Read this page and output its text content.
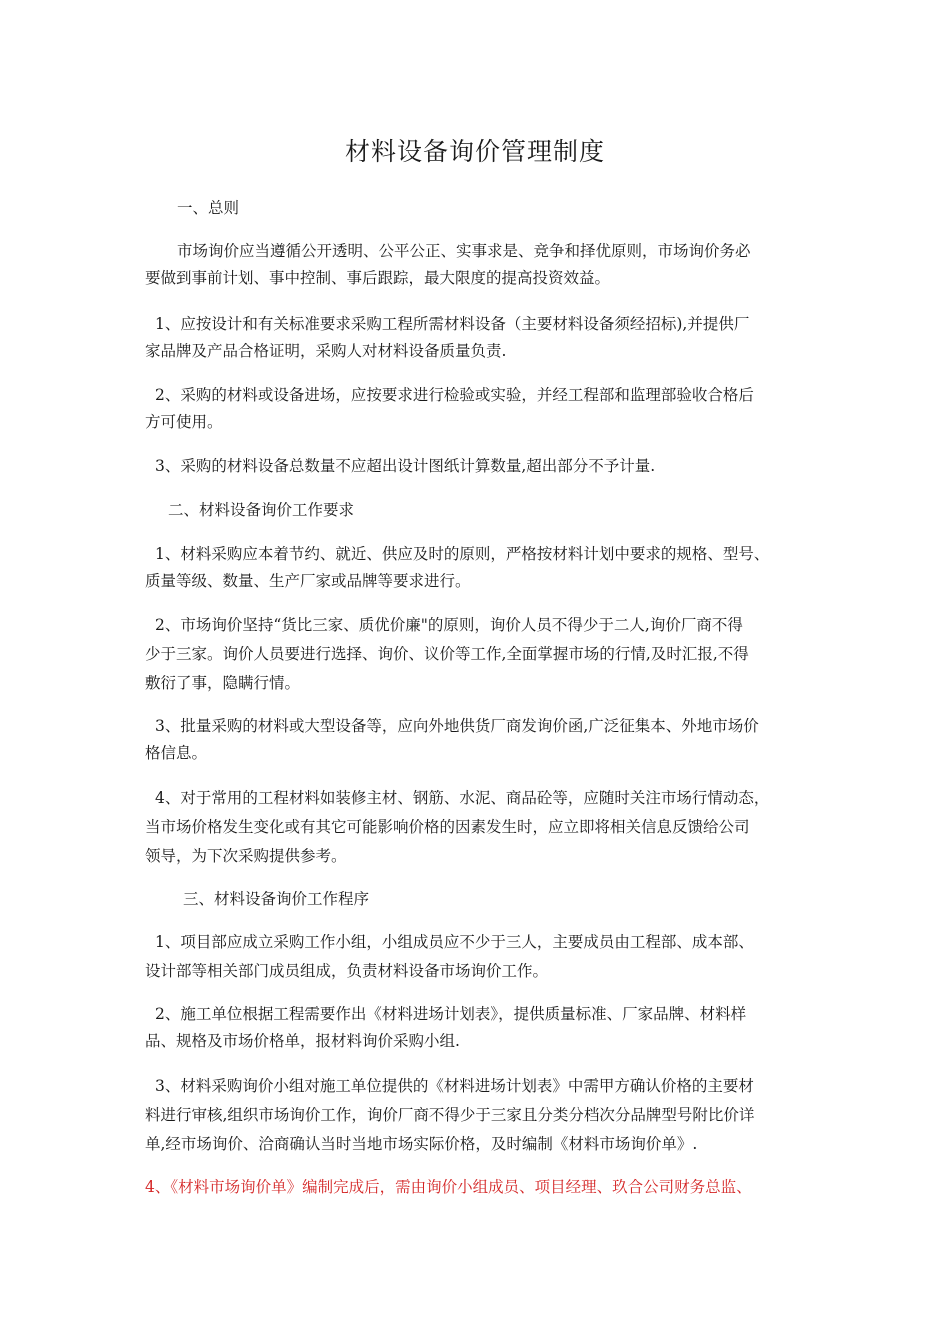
材料设备询价管理制度
一、总则
市场询价应当遵循公开透明、公平公正、实事求是、竞争和择优原则，市场询价务必
要做到事前计划、事中控制、事后跟踪，最大限度的提高投资效益。
1、应按设计和有关标准要求采购工程所需材料设备（主要材料设备须经招标),并提供厂
家品牌及产品合格证明，采购人对材料设备质量负责.
2、采购的材料或设备进场，应按要求进行检验或实验，并经工程部和监理部验收合格后
方可使用。
3、采购的材料设备总数量不应超出设计图纸计算数量,超出部分不予计量.
二、材料设备询价工作要求
1、材料采购应本着节约、就近、供应及时的原则，严格按材料计划中要求的规格、型号、
质量等级、数量、生产厂家或品牌等要求进行。
2、市场询价坚持“货比三家、质优价廉"的原则，询价人员不得少于二人,询价厂商不得
少于三家。询价人员要进行选择、询价、议价等工作,全面掌握市场的行情,及时汇报,不得
敷衍了事，隐瞒行情。
3、批量采购的材料或大型设备等，应向外地供货厂商发询价函,广泛征集本、外地市场价
格信息。
4、对于常用的工程材料如装修主材、钢筋、水泥、商品砼等，应随时关注市场行情动态，
当市场价格发生变化或有其它可能影响价格的因素发生时，应立即将相关信息反馈给公司
领导，为下次采购提供参考。
三、材料设备询价工作程序
1、项目部应成立采购工作小组，小组成员应不少于三人，主要成员由工程部、成本部、
设计部等相关部门成员组成，负责材料设备市场询价工作。
2、施工单位根据工程需要作出《材料进场计划表》，提供质量标准、厂家品牌、材料样
品、规格及市场价格单，报材料询价采购小组.
3、材料采购询价小组对施工单位提供的《材料进场计划表》中需甲方确认价格的主要材
料进行审核,组织市场询价工作，询价厂商不得少于三家且分类分档次分品牌型号附比价详
单,经市场询价、洽商确认当时当地市场实际价格，及时编制《材料市场询价单》.
4、《材料市场询价单》编制完成后，需由询价小组成员、项目经理、玖合公司财务总监、
